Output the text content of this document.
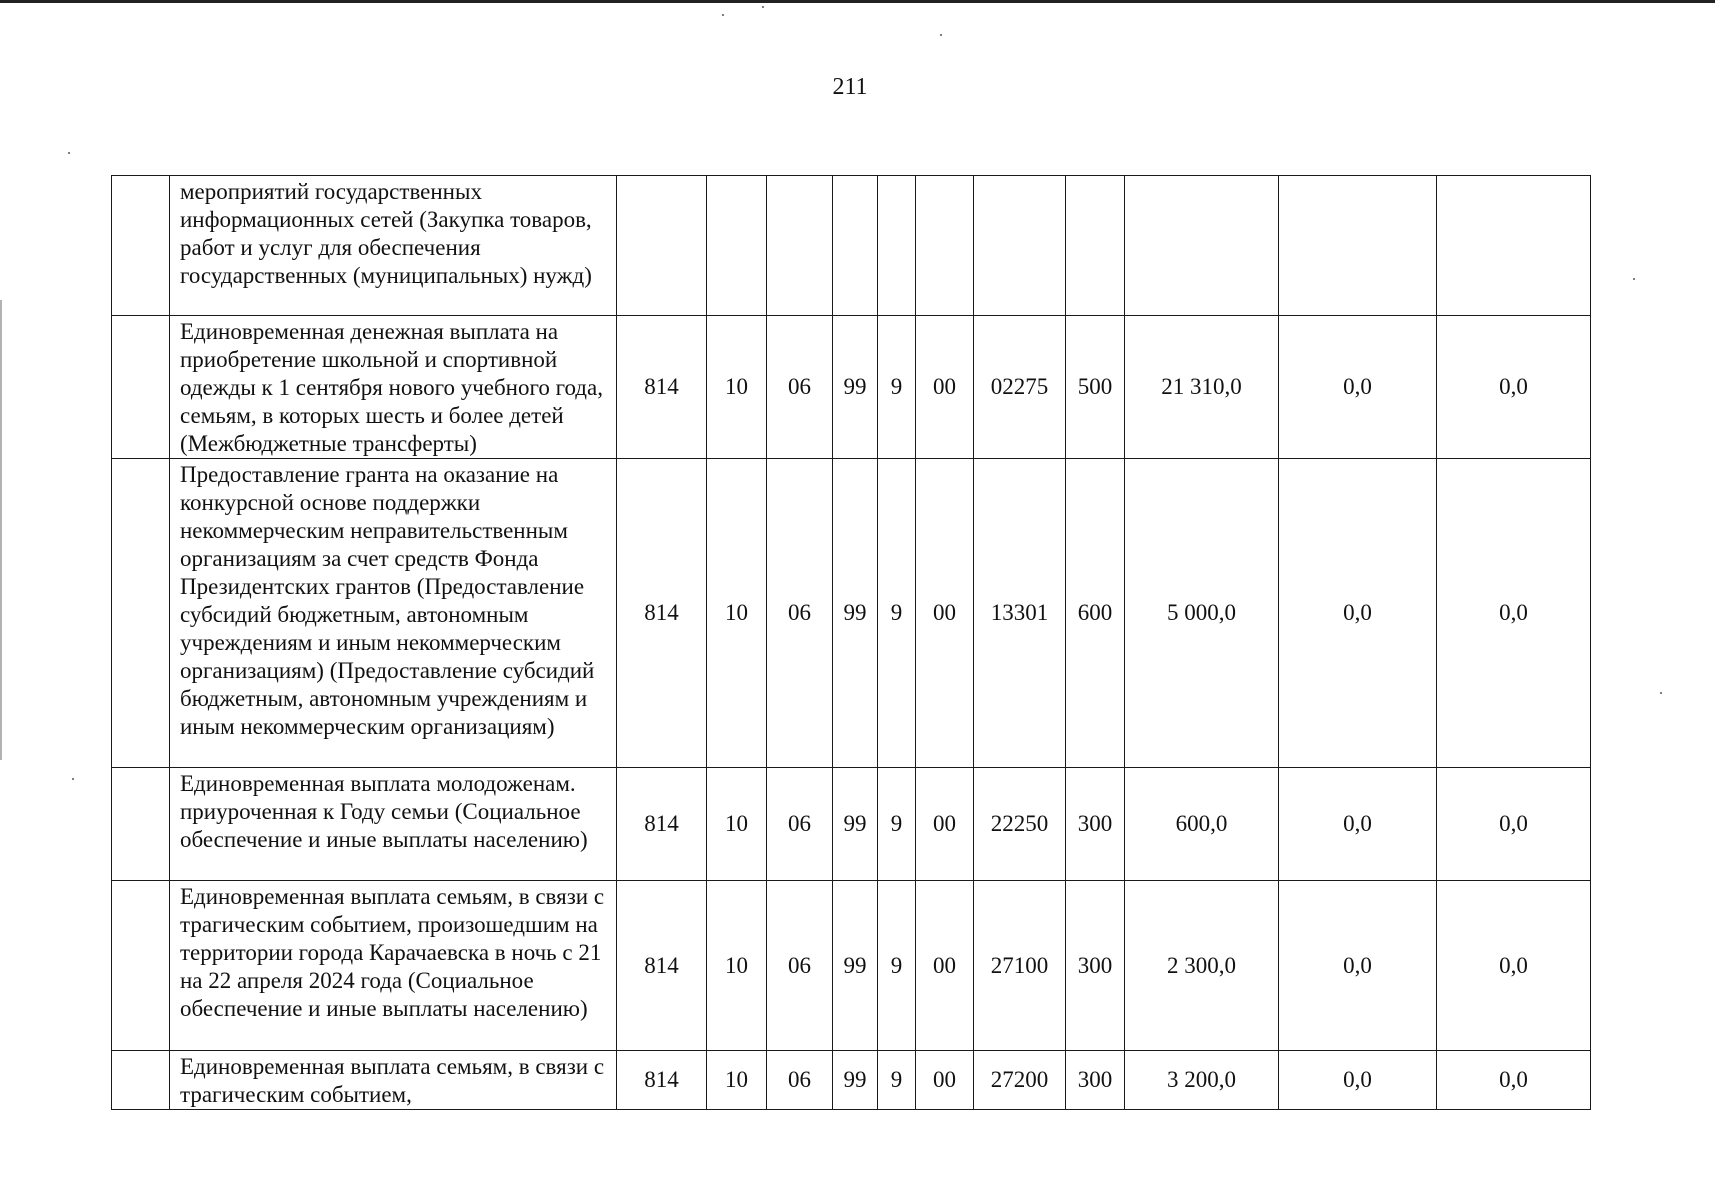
211
	мероприятий государственных информационных сетей (Закупка товаров, работ и услуг для обеспечения государственных (муниципальных) нужд)											
	Единовременная денежная выплата на приобретение школьной и спортивной одежды к 1 сентября нового учебного года, семьям, в которых шесть и более детей (Межбюджетные трансферты)	814	10	06	99	9	00	02275	500	21 310,0	0,0	0,0
	Предоставление гранта на оказание на конкурсной основе поддержки некоммерческим неправительственным организациям за счет средств Фонда Президентских грантов (Предоставление субсидий бюджетным, автономным учреждениям и иным некоммерческим организациям) (Предоставление субсидий бюджетным, автономным учреждениям и иным некоммерческим организациям)	814	10	06	99	9	00	13301	600	5 000,0	0,0	0,0
	Единовременная выплата молодоженам. приуроченная к Году семьи (Социальное обеспечение и иные выплаты населению)	814	10	06	99	9	00	22250	300	600,0	0,0	0,0
	Единовременная выплата семьям, в связи с трагическим событием, произошедшим на территории города Карачаевска в ночь с 21 на 22 апреля 2024 года (Социальное обеспечение и иные выплаты населению)	814	10	06	99	9	00	27100	300	2 300,0	0,0	0,0
	Единовременная выплата семьям, в связи с трагическим событием,	814	10	06	99	9	00	27200	300	3 200,0	0,0	0,0
